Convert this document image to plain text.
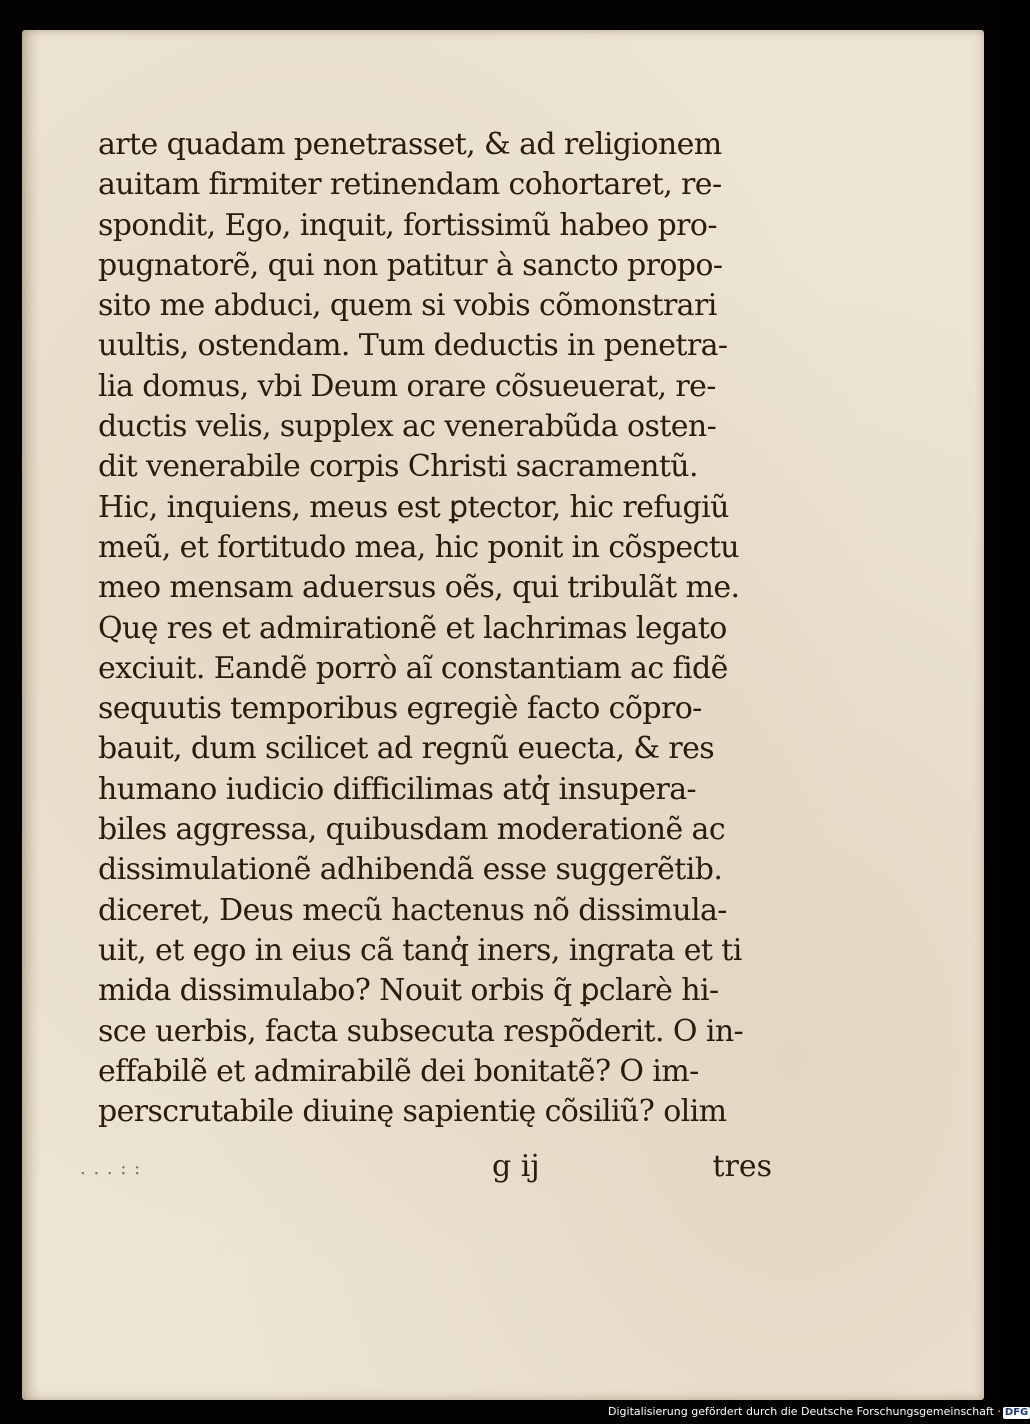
arte quadam penetrasset, & ad religionem
auitam firmiter retinendam cohortaret, re‐
spondit, Ego, inquit, fortissimũ habeo pro‐
pugnatorẽ, qui non patitur à sancto propo‐
sito me abduci, quem si vobis cõmonstrari
uultis, ostendam. Tum deductis in penetra‐
lia domus, vbi Deum orare cõsueuerat, re‐
ductis velis, supplex ac venerabũda osten‐
dit venerabile corpis Christi sacramentũ.
Hic, inquiens, meus est ꝑtector, hic refugiũ
meũ, et fortitudo mea, hic ponit in cõspectu
meo mensam aduersus oẽs, qui tribulãt me.
Quę res et admirationẽ et lachrimas legato
exciuit. Eandẽ porrò aĩ constantiam ac fidẽ
sequutis temporibus egregiè facto cõpro‐
bauit, dum scilicet ad regnũ euecta, & res
humano iudicio difficilimas atq̓ insupera‐
biles aggressa, quibusdam moderationẽ ac
dissimulationẽ adhibendã esse suggerẽtib.
diceret, Deus mecũ hactenus nõ dissimula‐
uit, et ego in eius cã tanq̓ iners, ingrata et ti
mida dissimulabo? Nouit orbis q̃ ꝑclarè hi‐
sce uerbis, facta subsecuta respõderit. O in‐
effabilẽ et admirabilẽ dei bonitatẽ? O im‐
perscrutabile diuinę sapientię cõsiliũ? olim
. . . : :	g ij	tres
Digitalisierung gefördert durch die Deutsche Forschungsgemeinschaft · DFG
